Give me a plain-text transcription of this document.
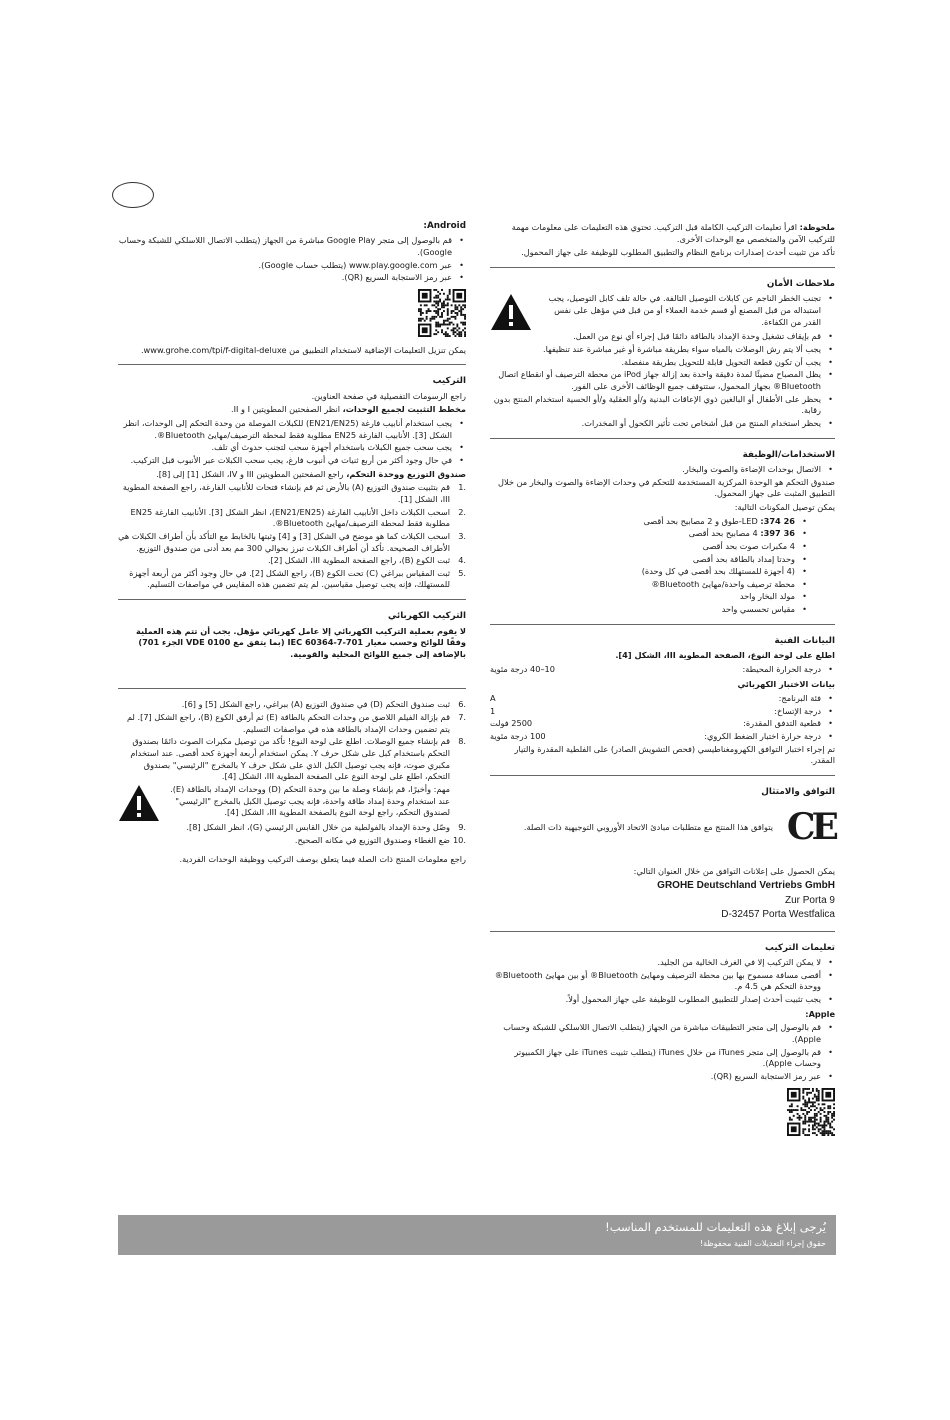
ملحوظة: اقرأ تعليمات التركيب الكاملة قبل التركيب. تحتوي هذه التعليمات على معلومات مهمة للتركيب الآمن والمتخصص مع الوحدات الأخرى.

تأكد من تثبيت أحدث إصدارات برنامج النظام والتطبيق المطلوب للوظيفة على جهاز المحمول.

ملاحظات الأمان
• تجنب الخطر الناجم عن كابلات التوصيل التالفة. في حالة تلف كابل التوصيل، يجب استبداله من قبل المصنع أو قسم خدمة العملاء أو من قبل فني مؤهل على نفس القدر من الكفاءة.
• قم بإيقاف تشغيل وحدة الإمداد بالطاقة دائمًا قبل إجراء أي نوع من العمل.
• يجب ألا يتم رش الوصلات بالمياه سواء بطريقة مباشرة أو غير مباشرة عند تنظيفها.
• يجب أن تكون قطعة التحويل قابلة للتحويل بطريقة منفصلة.
• يظل المصباح مضيئًا لمدة دقيقة واحدة بعد إزالة جهاز iPod من محطة الترصيف أو انقطاع اتصال Bluetooth® بجهاز المحمول، ستتوقف جميع الوظائف الأخرى على الفور.
• يحظر على الأطفال أو البالغين ذوي الإعاقات البدنية و/أو العقلية و/أو الحسية استخدام المنتج بدون رقابة.
• يحظر استخدام المنتج من قبل أشخاص تحت تأثير الكحول أو المخدرات.
الاستخدامات/الوظيفة
• الاتصال بوحدات الإضاءة والصوت والبخار.

صندوق التحكم هو الوحدة المركزية المستخدمة للتحكم في وحدات الإضاءة والصوت والبخار من خلال التطبيق المثبت على جهاز المحمول.

يمكن توصيل المكونات التالية:

• 26 374: LED-طوق و 2 مصابيح بحد أقصى
• 36 397: 4 مصابيح بحد أقصى
• 4 مكبرات صوت بحد أقصى
• وحدتا إمداد بالطاقة بحد أقصى
• (4 أجهزة للمستهلك بحد أقصى في كل وحدة)
• محطة ترصيف واحدة/مهايئ Bluetooth®
• مولد البخار واحد
• مقياس تحسسي واحد
البيانات الفنية

اطلع على لوحة النوع، الصفحة المطوية III، الشكل [4].

• درجة الحرارة المحيطة:
10–40 درجة مئوية

بيانات الاختبار الكهربائي

• فئة البرنامج:
A
• درجة الإتساخ:
1
• قطعية التدفق المقدرة:
2500 فولت
• درجة حرارة اختبار الضغط الكروي:
100 درجة مئوية

تم إجراء اختبار التوافق الكهرومغناطيسي (فحص التشويش الصادر) على الفلطية المقدرة والتيار المقدر.

التوافق والامتثال
CE
يتوافق هذا المنتج مع متطلبات مبادئ الاتحاد الأوروبي التوجيهية ذات الصلة.

يمكن الحصول على إعلانات التوافق من خلال العنوان التالي:

GROHE Deutschland Vertriebs GmbH
Zur Porta 9
D-32457 Porta Westfalica
تعليمات التركيب
• لا يمكن التركيب إلا في الغرف الخالية من الجليد.
• أقصى مسافة مسموح بها بين محطة الترصيف ومهايئ Bluetooth® أو بين مهايئ Bluetooth® ووحدة التحكم هي 4.5 م.
• يجب تثبيت أحدث إصدار للتطبيق المطلوب للوظيفة على جهاز المحمول أولاً.

Apple:

• قم بالوصول إلى متجر التطبيقات مباشرة من الجهاز (يتطلب الاتصال اللاسلكي للشبكة وحساب Apple).
• قم بالوصول إلى متجر iTunes من خلال iTunes (يتطلب تثبيت iTunes على جهاز الكمبيوتر وحساب Apple).
• عبر رمز الاستجابة السريع (QR).
Android:
• قم بالوصول إلى متجر Google Play مباشرة من الجهاز (يتطلب الاتصال اللاسلكي للشبكة وحساب Google).
• عبر www.play.google.com (يتطلب حساب Google).
• عبر رمز الاستجابة السريع (QR).

يمكن تنزيل التعليمات الإضافية لاستخدام التطبيق من www.grohe.com/tpi/f-digital-deluxe.

التركيب

راجع الرسومات التفصيلية في صفحة العناوين.

مخطط التثبيت لجميع الوحدات، انظر الصفحتين المطويتين I و II.

• يجب استخدام أنابيب فارغة (EN21/EN25) للكبلات الموصلة من وحدة التحكم إلى الوحدات، انظر الشكل [3]. الأنابيب الفارغة EN25 مطلوبة فقط لمحطة الترصيف/مهايئ Bluetooth®.
• يجب سحب جميع الكبلات باستخدام أجهزة سحب لتجنب حدوث أي تلف.
• في حال وجود أكثر من أربع ثنيات في أنبوب فارغ، يجب سحب الكبلات عبر الأنبوب قبل التركيب.

صندوق التوزيع ووحدة التحكم، راجع الصفحتين المطويتين III و IV، الشكل [1] إلى [8].

1.
قم بتثبيت صندوق التوزيع (A) بالأرض ثم قم بإنشاء فتحات للأنابيب الفارغة، راجع الصفحة المطوية III، الشكل [1].
2.
اسحب الكبلات داخل الأنابيب الفارغة (EN21/EN25)، انظر الشكل [3]. الأنابيب الفارغة EN25 مطلوبة فقط لمحطة الترصيف/مهايئ Bluetooth®.
3.
اسحب الكبلات كما هو موضح في الشكل [3] و [4] وثبتها بالخابط مع التأكد بأن أطراف الكبلات هي الأطراف الصحيحة. تأكد أن أطراف الكبلات تبرز بحوالي 300 مم بعد أدنى من صندوق التوزيع.
4.
ثبت الكوع (B)، راجع الصفحة المطوية III، الشكل [2].
5.
ثبت المقياس ببراغي (C) تحت الكوع (B)، راجع الشكل [2]. في حال وجود أكثر من أربعة أجهزة للمستهلك، فإنه يجب توصيل مقياسين. لم يتم تضمين هذه المقايس في مواصفات التسليم.
التركيب الكهربائي

لا يقوم بعملية التركيب الكهربائي إلا عامل كهربائي مؤهل. يجب أن تتم هذه العملية وفقًا للوائح وحسب معيار IEC 60364-7-701 (بما يتفق مع VDE 0100 الجزء 701) بالإضافة إلى جميع اللوائح المحلية والقومية.

6.
ثبت صندوق التحكم (D) في صندوق التوزيع (A) ببراغي، راجع الشكل [5] و [6].
7.
قم بإزالة الفيلم اللاصق من وحدات التحكم بالطاقة (E) ثم أرفق الكوع (B)، راجع الشكل [7]. لم يتم تضمين وحدات الإمداد بالطاقة هذه في مواصفات التسليم.
8.
قم بإنشاء جميع الوصلات. اطلع على لوحة النوع! تأكد من توصيل مكبرات الصوت دائمًا بصندوق التحكم باستخدام كبل على شكل حرف Y. يمكن استخدام أربعة أجهزة كحد أقصى. عند استخدام مكبري صوت، فإنه يجب توصيل الكبل الذي على شكل حرف Y بالمخرج "الرئيسي" بصندوق التحكم، اطلع على لوحة النوع على الصفحة المطوية III، الشكل [4].

مهم: وأخيرًا، قم بإنشاء وصلة ما بين وحدة التحكم (D) ووحدات الإمداد بالطاقة (E). عند استخدام وحدة إمداد طاقة واحدة، فإنه يجب توصيل الكبل بالمخرج "الرئيسي" لصندوق التحكم، راجع لوحة النوع بالصفحة المطوية III، الشكل [4].

9.
وصّل وحدة الإمداد بالفولطية من خلال القابس الرئيسي (G)، انظر الشكل [8].
10.
ضع الغطاء وصندوق التوزيع في مكانه الصحيح.

راجع معلومات المنتج ذات الصلة فيما يتعلق بوصف التركيب ووظيفة الوحدات الفردية.

يُرجى إبلاغ هذه التعليمات للمستخدم المناسب!
حقوق إجراء التعديلات الفنية محفوظة!
